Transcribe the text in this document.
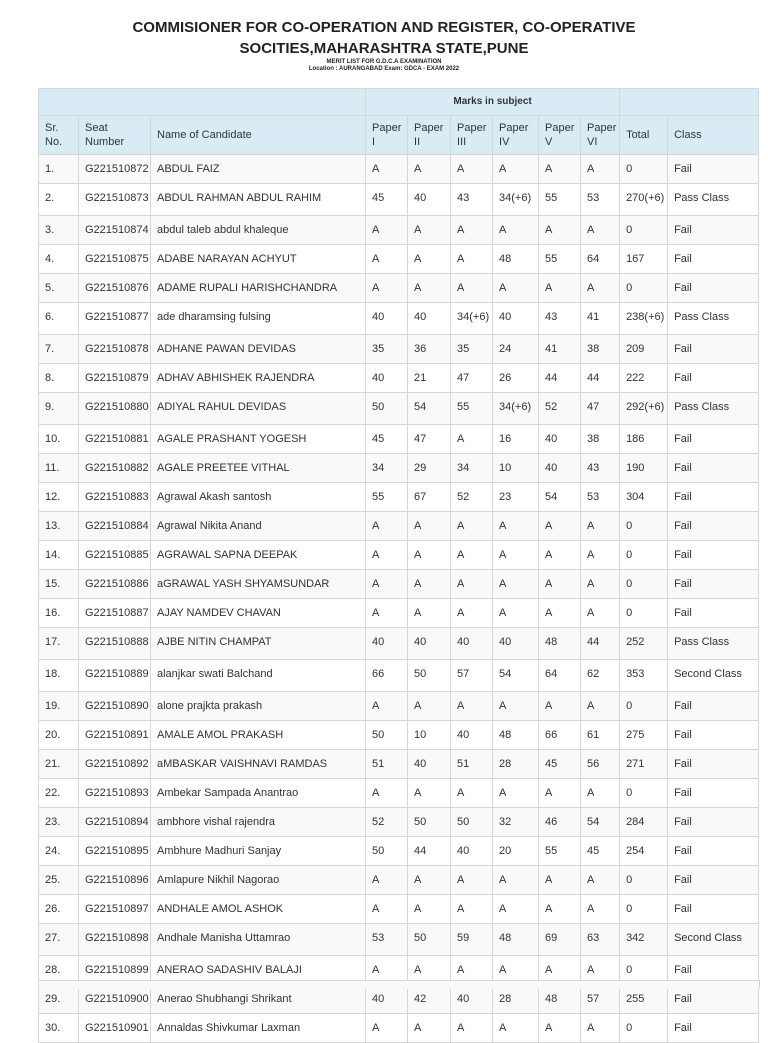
COMMISIONER FOR CO-OPERATION AND REGISTER, CO-OPERATIVE

SOCITIES,MAHARASHTRA STATE,PUNE

MERIT LIST FOR G.D.C.A EXAMINATION

Location : AURANGABAD Exam: GDCA - EXAM 2022

			Marks in subject							
Sr. No.	Seat Number	Name of Candidate	Paper I	Paper II	Paper III	Paper IV	Paper V	Paper VI	Total	Class
1.	G221510872	ABDUL FAIZ	A	A	A	A	A	A	0	Fail
2.	G221510873	ABDUL RAHMAN ABDUL RAHIM	45	40	43	34(+6)	55	53	270(+6)	Pass Class
3.	G221510874	abdul taleb abdul khaleque	A	A	A	A	A	A	0	Fail
4.	G221510875	ADABE NARAYAN ACHYUT	A	A	A	48	55	64	167	Fail
5.	G221510876	ADAME RUPALI HARISHCHANDRA	A	A	A	A	A	A	0	Fail
6.	G221510877	ade dharamsing fulsing	40	40	34(+6)	40	43	41	238(+6)	Pass Class
7.	G221510878	ADHANE PAWAN DEVIDAS	35	36	35	24	41	38	209	Fail
8.	G221510879	ADHAV ABHISHEK RAJENDRA	40	21	47	26	44	44	222	Fail
9.	G221510880	ADIYAL RAHUL DEVIDAS	50	54	55	34(+6)	52	47	292(+6)	Pass Class
10.	G221510881	AGALE PRASHANT YOGESH	45	47	A	16	40	38	186	Fail
11.	G221510882	AGALE PREETEE VITHAL	34	29	34	10	40	43	190	Fail
12.	G221510883	Agrawal Akash santosh	55	67	52	23	54	53	304	Fail
13.	G221510884	Agrawal Nikita Anand	A	A	A	A	A	A	0	Fail
14.	G221510885	AGRAWAL SAPNA DEEPAK	A	A	A	A	A	A	0	Fail
15.	G221510886	aGRAWAL YASH SHYAMSUNDAR	A	A	A	A	A	A	0	Fail
16.	G221510887	AJAY NAMDEV CHAVAN	A	A	A	A	A	A	0	Fail
17.	G221510888	AJBE NITIN CHAMPAT	40	40	40	40	48	44	252	Pass Class
18.	G221510889	alanjkar swati Balchand	66	50	57	54	64	62	353	Second Class
19.	G221510890	alone prajkta prakash	A	A	A	A	A	A	0	Fail
20.	G221510891	AMALE AMOL PRAKASH	50	10	40	48	66	61	275	Fail
21.	G221510892	aMBASKAR VAISHNAVI RAMDAS	51	40	51	28	45	56	271	Fail
22.	G221510893	Ambekar Sampada Anantrao	A	A	A	A	A	A	0	Fail
23.	G221510894	ambhore vishal rajendra	52	50	50	32	46	54	284	Fail
24.	G221510895	Ambhure Madhuri Sanjay	50	44	40	20	55	45	254	Fail
25.	G221510896	Amlapure Nikhil Nagorao	A	A	A	A	A	A	0	Fail
26.	G221510897	ANDHALE AMOL ASHOK	A	A	A	A	A	A	0	Fail
27.	G221510898	Andhale Manisha Uttamrao	53	50	59	48	69	63	342	Second Class
28.	G221510899	ANERAO SADASHIV BALAJI	A	A	A	A	A	A	0	Fail
29.	G221510900	Anerao Shubhangi Shrikant	40	42	40	28	48	57	255	Fail
30.	G221510901	Annaldas Shivkumar Laxman	A	A	A	A	A	A	0	Fail
